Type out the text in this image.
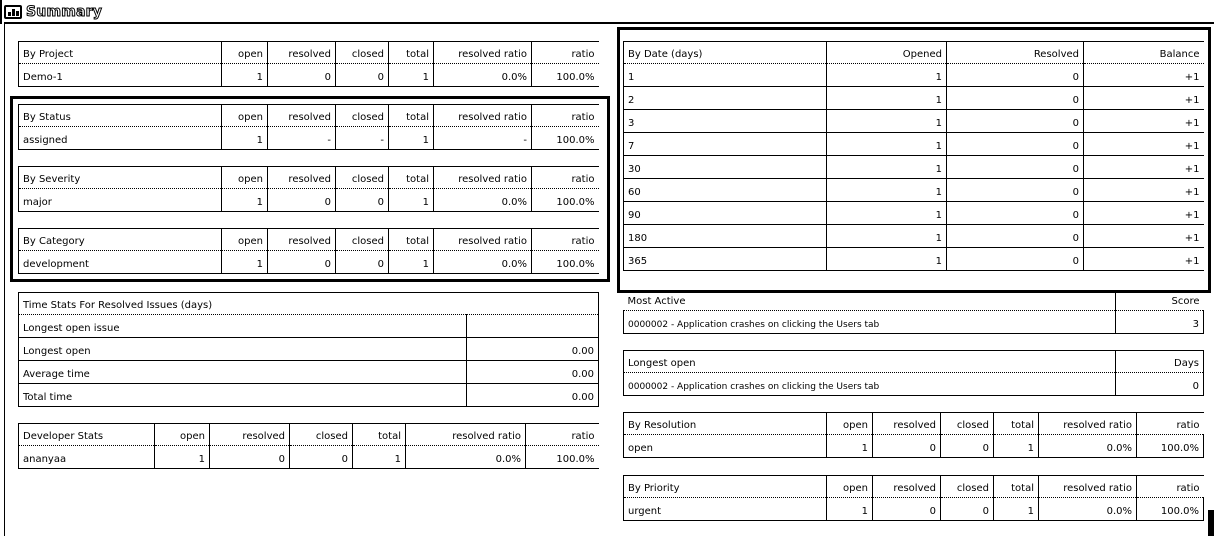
Summary
By Project	open	resolved	closed	total	resolved ratio	ratio
Demo-1	1	0	0	1	0.0%	100.0%
By Status	open	resolved	closed	total	resolved ratio	ratio
assigned	1	-	-	1	-	100.0%
By Severity	open	resolved	closed	total	resolved ratio	ratio
major	1	0	0	1	0.0%	100.0%
By Category	open	resolved	closed	total	resolved ratio	ratio
development	1	0	0	1	0.0%	100.0%
Time Stats For Resolved Issues (days)	
Longest open issue	
Longest open	0.00
Average time	0.00
Total time	0.00
Developer Stats	open	resolved	closed	total	resolved ratio	ratio
ananyaa	1	0	0	1	0.0%	100.0%
By Date (days)	Opened	Resolved	Balance
1	1	0	+1
2	1	0	+1
3	1	0	+1
7	1	0	+1
30	1	0	+1
60	1	0	+1
90	1	0	+1
180	1	0	+1
365	1	0	+1
Most Active	Score
0000002 - Application crashes on clicking the Users tab	3
Longest open	Days
0000002 - Application crashes on clicking the Users tab	0
By Resolution	open	resolved	closed	total	resolved ratio	ratio
open	1	0	0	1	0.0%	100.0%
By Priority	open	resolved	closed	total	resolved ratio	ratio
urgent	1	0	0	1	0.0%	100.0%
